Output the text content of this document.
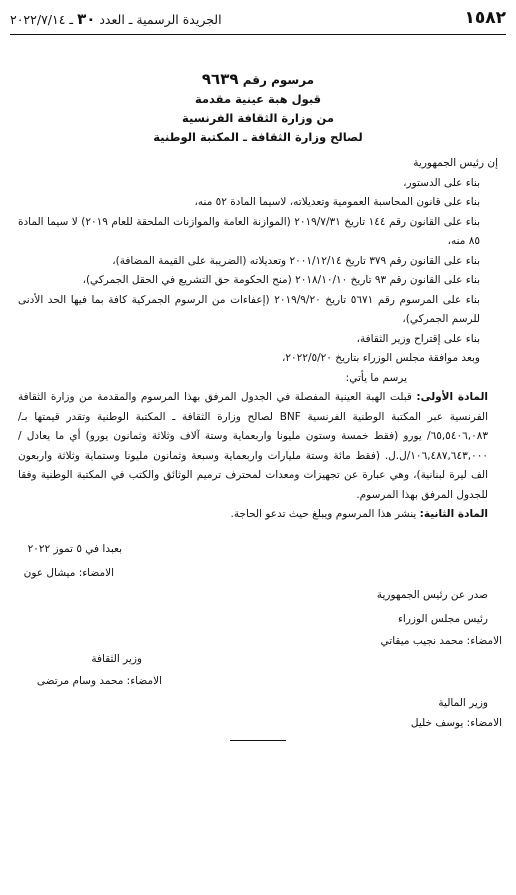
١٥٨٢
الجريدة الرسمية ـ العدد ٣٠ ـ ٢٠٢٢/٧/١٤
مرسوم رقم ٩٦٣٩
قبول هبة عينية مقدمة
من وزارة الثقافة الفرنسية
لصالح وزارة الثقافة ـ المكتبة الوطنية

إن رئيس الجمهورية

بناء على الدستور،

بناء على قانون المحاسبة العمومية وتعديلاته، لاسيما المادة ٥٢ منه،

بناء على القانون رقم ١٤٤ تاريخ ٢٠١٩/٧/٣١ (الموازنة العامة والموازنات الملحقة للعام ٢٠١٩) لا سيما المادة ٨٥ منه،

بناء على القانون رقم ٣٧٩ تاريخ ٢٠٠١/١٢/١٤ وتعديلاته (الضريبة على القيمة المضافة)،

بناء على القانون رقم ٩٣ تاريخ ٢٠١٨/١٠/١٠ (منح الحكومة حق التشريع في الحقل الجمركي)،

بناء على المرسوم رقم ٥٦٧١ تاريخ ٢٠١٩/٩/٢٠ (إعفاءات من الرسوم الجمركية كافة بما فيها الحد الأدنى للرسم الجمركي)،

بناء على إقتراح وزير الثقافة،

وبعد موافقة مجلس الوزراء بتاريخ ٢٠٢٢/٥/٢٠،

يرسم ما يأتي:

المادة الأولى: قبلت الهبة العينية المفصلة في الجدول المرفق بهذا المرسوم والمقدمة من وزارة الثقافة الفرنسية عبر المكتبة الوطنية الفرنسية BNF لصالح وزارة الثقافة ـ المكتبة الوطنية وتقدر قيمتها بـ/ ٦٥,٥٤٠٦,٠٨٣/ يورو (فقط خمسة وستون مليونا واربعماية وستة آلاف وثلاثة وثمانون يورو) أي ما يعادل / ١٠٦,٤٨٧,٦٤٣,٠٠٠/ل.ل. (فقط مائة وستة مليارات واربعماية وسبعة وثمانون مليونا وستماية وثلاثة واربعون الف ليرة لبنانية)، وهي عبارة عن تجهيزات ومعدات لمحترف ترميم الوثائق والكتب في المكتبة الوطنية وفقا للجدول المرفق بهذا المرسوم.

المادة الثانية: ينشر هذا المرسوم ويبلغ حيث تدعو الحاجة.

بعبدا في ٥ تموز ٢٠٢٢
الامضاء: ميشال عون
صدر عن رئيس الجمهورية
رئيس مجلس الوزراء
الامضاء: محمد نجيب ميقاتي
وزير الثقافة
الامضاء: محمد وسام مرتضى
وزير المالية
الامضاء: يوسف خليل
